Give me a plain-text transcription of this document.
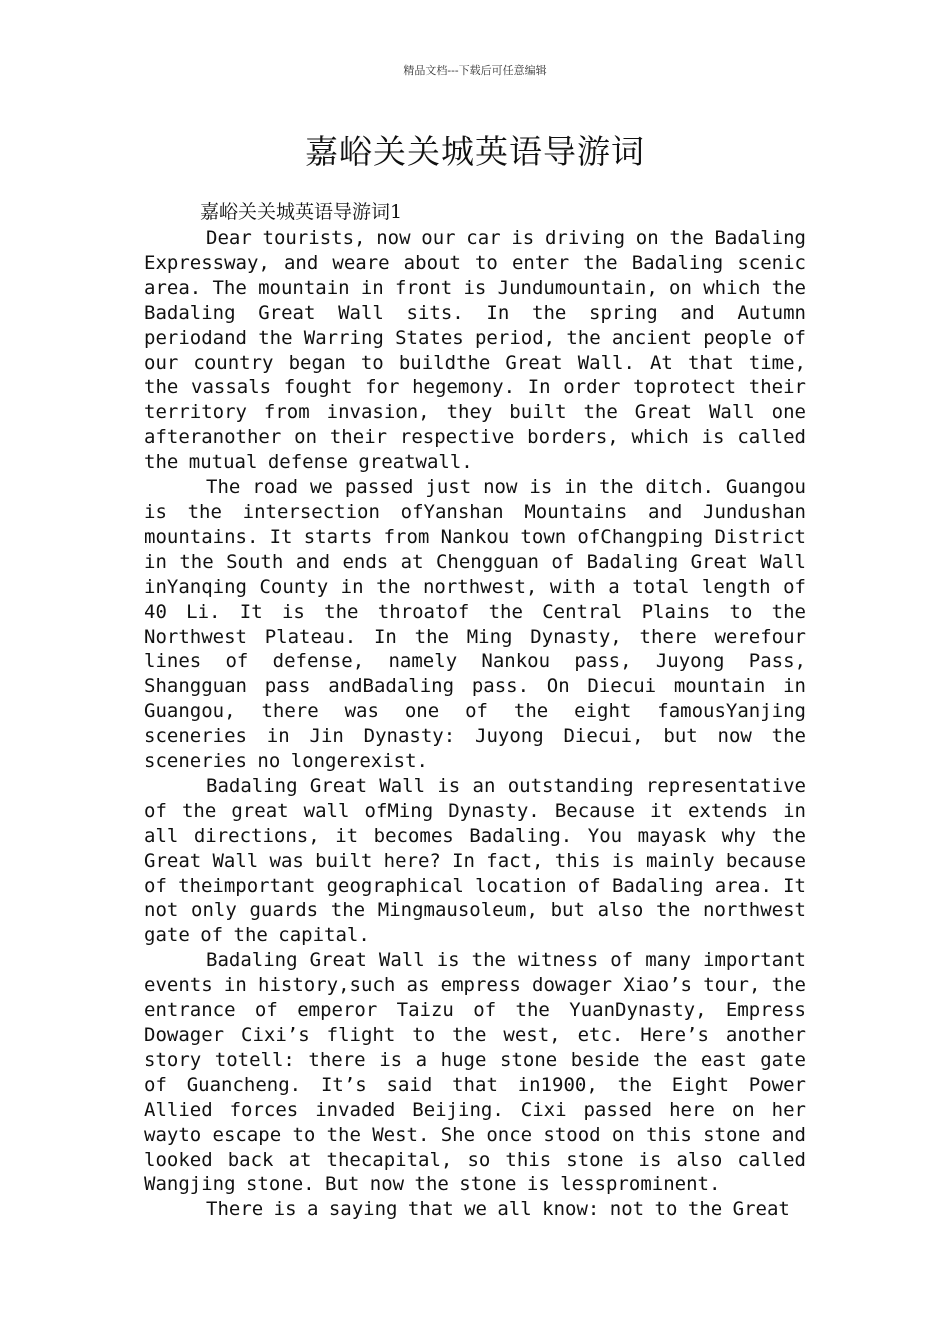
精品文档---下载后可任意编辑
嘉峪关关城英语导游词

嘉峪关关城英语导游词1

Dear tourists, now our car is driving on the Badaling Expressway, and weare about to enter the Badaling scenic area. The mountain in front is Jundumountain, on which the Badaling Great Wall sits. In the spring and Autumn periodand the Warring States period, the ancient people of our country began to buildthe Great Wall. At that time, the vassals fought for hegemony. In order toprotect their territory from invasion, they built the Great Wall one afteranother on their respective borders, which is called the mutual defense greatwall.

The road we passed just now is in the ditch. Guangou is the intersection ofYanshan Mountains and Jundushan mountains. It starts from Nankou town ofChangping District in the South and ends at Chengguan of Badaling Great Wall inYanqing County in the northwest, with a total length of 40 Li. It is the throatof the Central Plains to the Northwest Plateau. In the Ming Dynasty, there werefour lines of defense, namely Nankou pass, Juyong Pass, Shangguan pass andBadaling pass. On Diecui mountain in Guangou, there was one of the eight famousYanjing sceneries in Jin Dynasty: Juyong Diecui, but now the sceneries no longerexist.

Badaling Great Wall is an outstanding representative of the great wall ofMing Dynasty. Because it extends in all directions, it becomes Badaling. You mayask why the Great Wall was built here? In fact, this is mainly because of theimportant geographical location of Badaling area. It not only guards the Mingmausoleum, but also the northwest gate of the capital.

Badaling Great Wall is the witness of many important events in history,such as empress dowager Xiao’s tour, the entrance of emperor Taizu of the YuanDynasty, Empress Dowager Cixi’s flight to the west, etc. Here’s another story totell: there is a huge stone beside the east gate of Guancheng. It’s said that in1900, the Eight Power Allied forces invaded Beijing. Cixi passed here on her wayto escape to the West. She once stood on this stone and looked back at thecapital, so this stone is also called Wangjing stone. But now the stone is lessprominent.

There is a saying that we all know: not to the Great
